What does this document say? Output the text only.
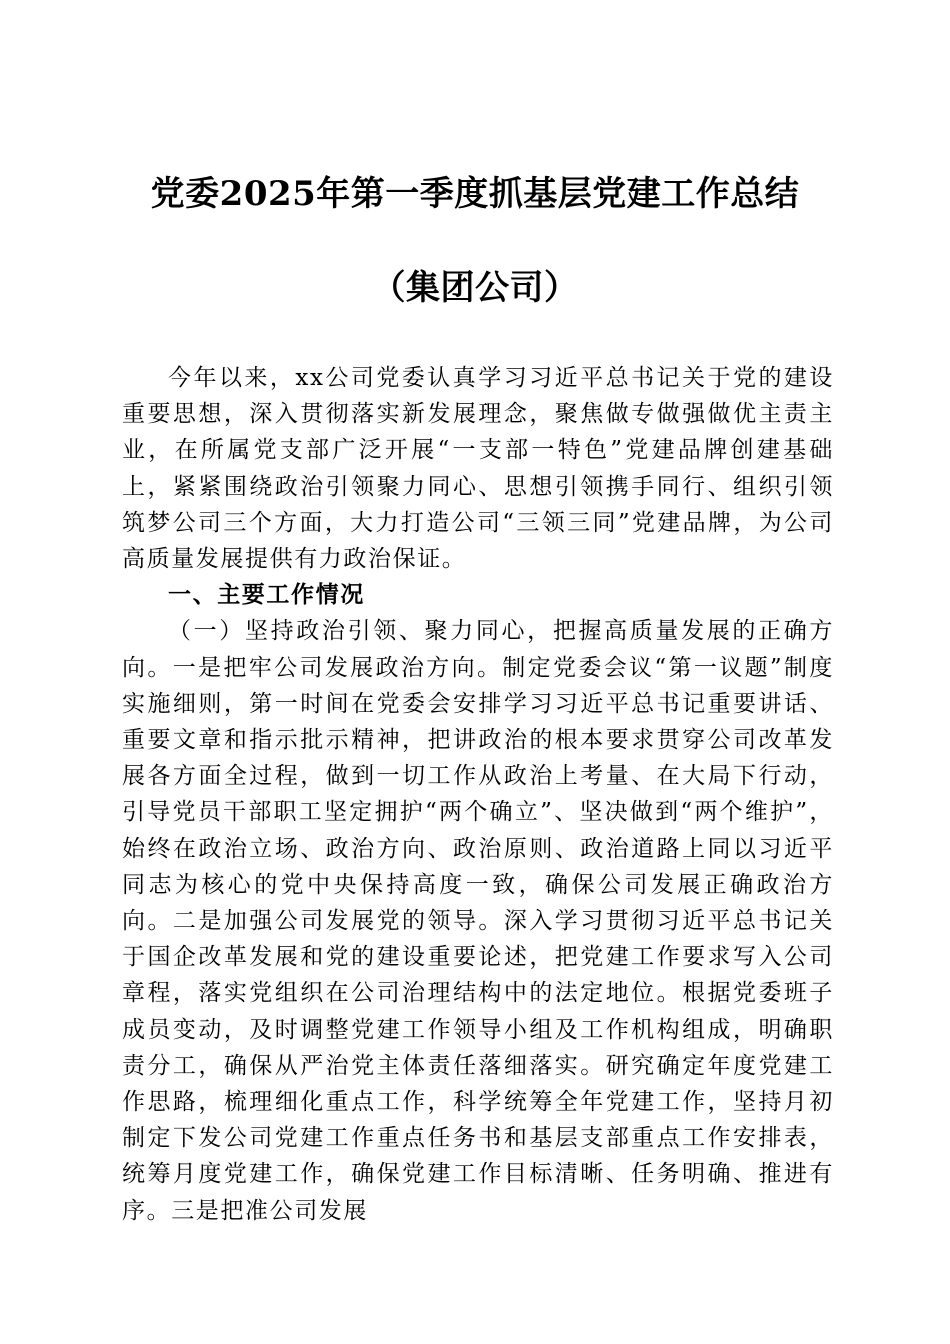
党委2025年第一季度抓基层党建工作总结
（集团公司）

今年以来，xx公司党委认真学习习近平总书记关于党的建设重要思想，深入贯彻落实新发展理念，聚焦做专做强做优主责主业，在所属党支部广泛开展“一支部一特色”党建品牌创建基础上，紧紧围绕政治引领聚力同心、思想引领携手同行、组织引领筑梦公司三个方面，大力打造公司“三领三同”党建品牌，为公司高质量发展提供有力政治保证。

一、主要工作情况

（一）坚持政治引领、聚力同心，把握高质量发展的正确方向。一是把牢公司发展政治方向。制定党委会议“第一议题”制度实施细则，第一时间在党委会安排学习习近平总书记重要讲话、重要文章和指示批示精神，把讲政治的根本要求贯穿公司改革发展各方面全过程，做到一切工作从政治上考量、在大局下行动，引导党员干部职工坚定拥护“两个确立”、坚决做到“两个维护”，始终在政治立场、政治方向、政治原则、政治道路上同以习近平同志为核心的党中央保持高度一致，确保公司发展正确政治方向。二是加强公司发展党的领导。深入学习贯彻习近平总书记关于国企改革发展和党的建设重要论述，把党建工作要求写入公司章程，落实党组织在公司治理结构中的法定地位。根据党委班子成员变动，及时调整党建工作领导小组及工作机构组成，明确职责分工，确保从严治党主体责任落细落实。研究确定年度党建工作思路，梳理细化重点工作，科学统筹全年党建工作，坚持月初制定下发公司党建工作重点任务书和基层支部重点工作安排表，统筹月度党建工作，确保党建工作目标清晰、任务明确、推进有序。三是把准公司发展
